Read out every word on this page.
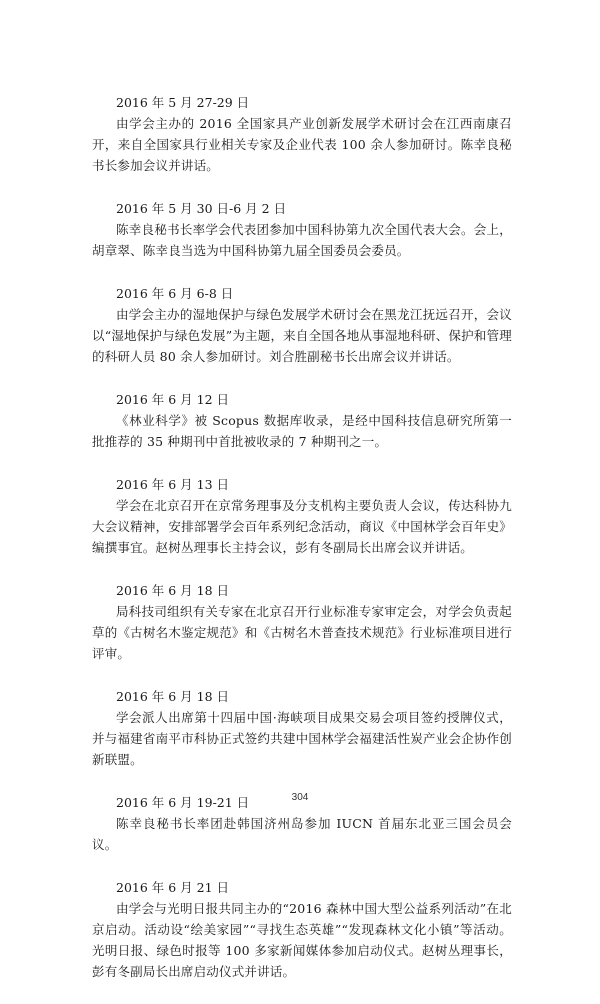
2016 年 5 月 27-29 日

由学会主办的 2016 全国家具产业创新发展学术研讨会在江西南康召开，来自全国家具行业相关专家及企业代表 100 余人参加研讨。陈幸良秘书长参加会议并讲话。

2016 年 5 月 30 日-6 月 2 日

陈幸良秘书长率学会代表团参加中国科协第九次全国代表大会。会上，胡章翠、陈幸良当选为中国科协第九届全国委员会委员。

2016 年 6 月 6-8 日

由学会主办的湿地保护与绿色发展学术研讨会在黑龙江抚远召开，会议以“湿地保护与绿色发展”为主题，来自全国各地从事湿地科研、保护和管理的科研人员 80 余人参加研讨。刘合胜副秘书长出席会议并讲话。

2016 年 6 月 12 日

《林业科学》被 Scopus 数据库收录，是经中国科技信息研究所第一批推荐的 35 种期刊中首批被收录的 7 种期刊之一。

2016 年 6 月 13 日

学会在北京召开在京常务理事及分支机构主要负责人会议，传达科协九大会议精神，安排部署学会百年系列纪念活动，商议《中国林学会百年史》编撰事宜。赵树丛理事长主持会议，彭有冬副局长出席会议并讲话。

2016 年 6 月 18 日

局科技司组织有关专家在北京召开行业标准专家审定会，对学会负责起草的《古树名木鉴定规范》和《古树名木普查技术规范》行业标准项目进行评审。

2016 年 6 月 18 日

学会派人出席第十四届中国·海峡项目成果交易会项目签约授牌仪式，并与福建省南平市科协正式签约共建中国林学会福建活性炭产业会企协作创新联盟。

2016 年 6 月 19-21 日

陈幸良秘书长率团赴韩国济州岛参加 IUCN 首届东北亚三国会员会议。

2016 年 6 月 21 日

由学会与光明日报共同主办的“2016 森林中国大型公益系列活动”在北京启动。活动设“绘美家园”“寻找生态英雄”“发现森林文化小镇”等活动。光明日报、绿色时报等 100 多家新闻媒体参加启动仪式。赵树丛理事长，彭有冬副局长出席启动仪式并讲话。

304
